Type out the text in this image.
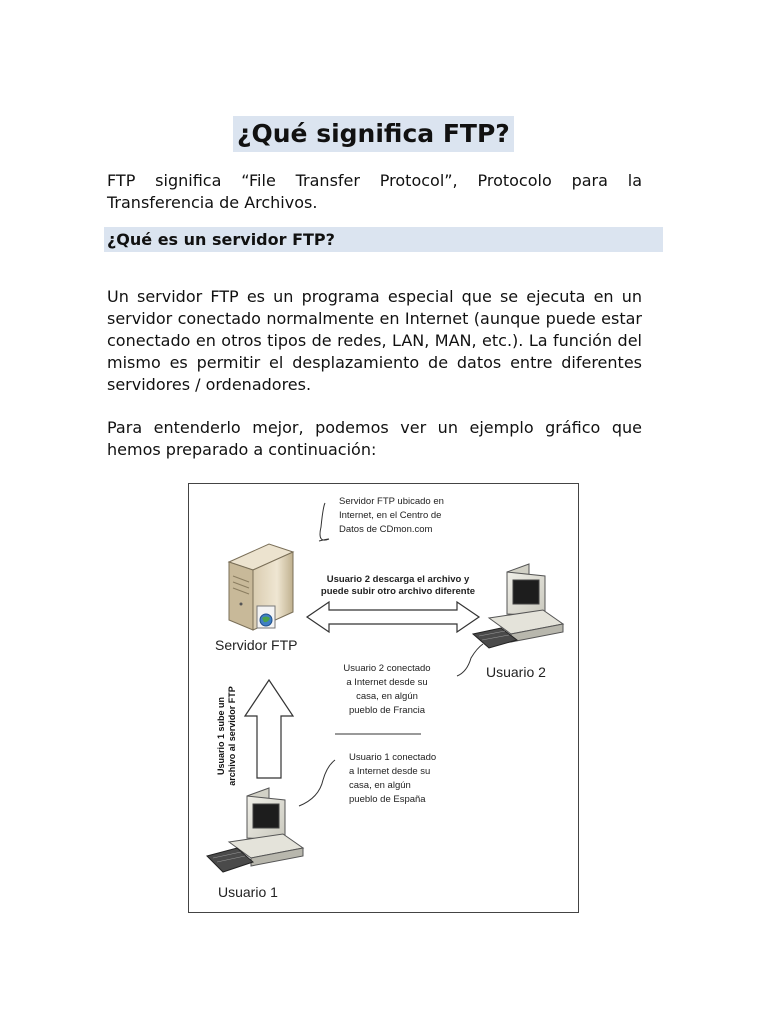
¿Qué significa FTP?

FTP significa “File Transfer Protocol”, Protocolo para la Transferencia de Archivos.

¿Qué es un servidor FTP?

Un servidor FTP es un programa especial que se ejecuta en un servidor conectado normalmente en Internet (aunque puede estar conectado en otros tipos de redes, LAN, MAN, etc.). La función del mismo es permitir el desplazamiento de datos entre diferentes servidores / ordenadores.

Para entenderlo mejor, podemos ver un ejemplo gráfico que hemos preparado a continuación:

Servidor FTP ubicado en
Internet, en el Centro de
Datos de CDmon.com
Usuario 2 descarga el archivo y
puede subir otro archivo diferente
Servidor FTP
Usuario 2
Usuario 2 conectado
a Internet desde su
casa, en algún
pueblo de Francia
Usuario 1 sube un archivo al servidor FTP	Usuario 1 conectado
a Internet desde su
casa, en algún
pueblo de España
Usuario 1
